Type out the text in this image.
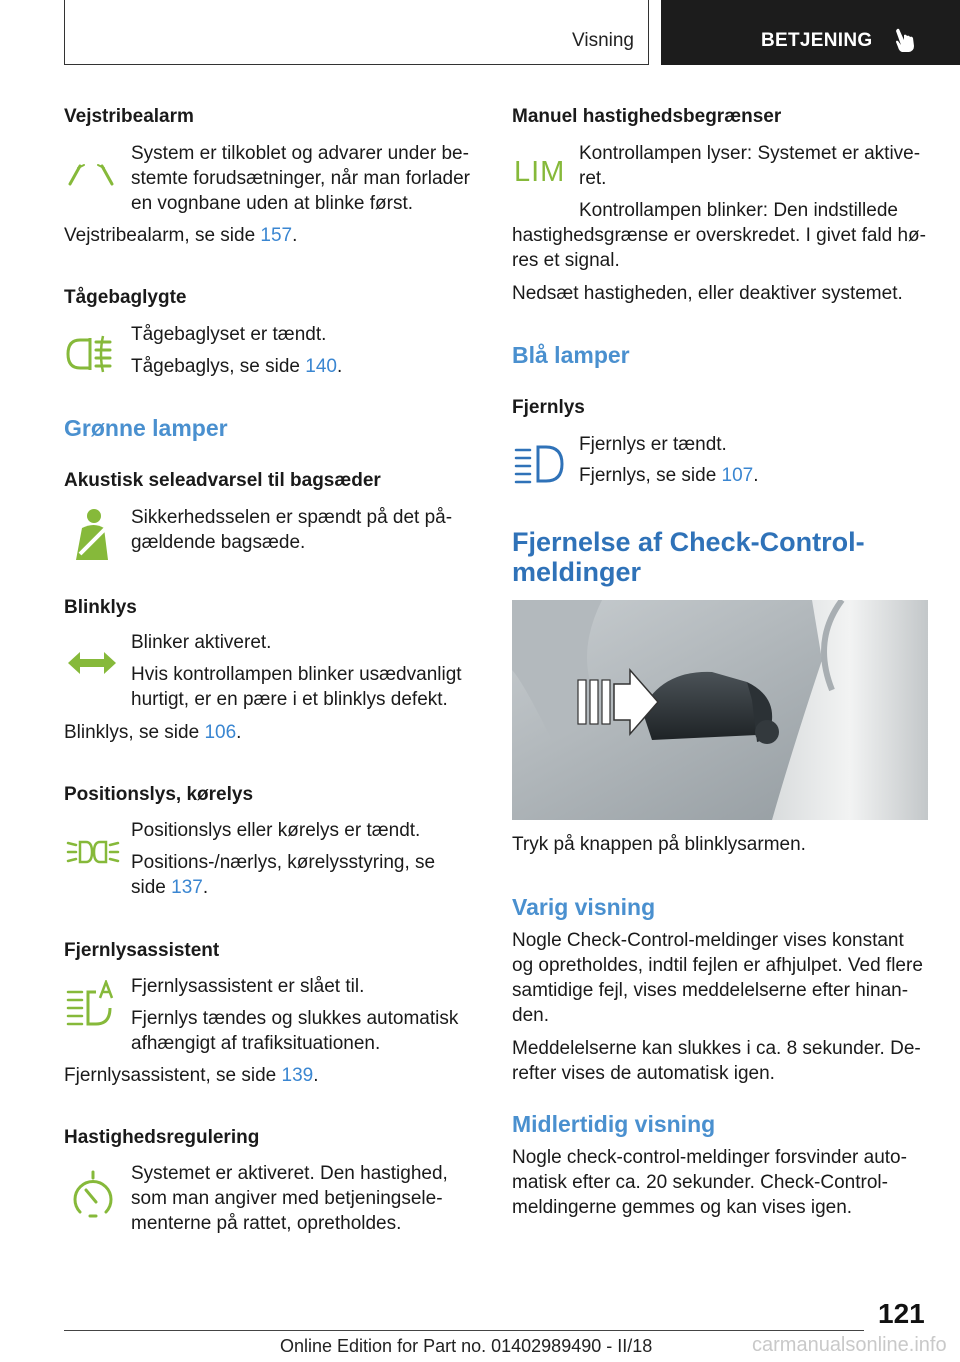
Visning	BETJENING
Vejstribealarm
System er tilkoblet og advarer under be‐
stemte forudsætninger, når man forlader
en vognbane uden at blinke først.
Vejstribealarm, se side 157.
Tågebaglygte
Tågebaglyset er tændt.
Tågebaglys, se side 140.
Grønne lamper
Akustisk seleadvarsel til bagsæder
Sikkerhedsselen er spændt på det på‐
gældende bagsæde.
Blinklys
Blinker aktiveret.
Hvis kontrollampen blinker usædvanligt
hurtigt, er en pære i et blinklys defekt.
Blinklys, se side 106.
Positionslys, kørelys
Positionslys eller kørelys er tændt.
Positions-/nærlys, kørelysstyring, se
side 137.
Fjernlysassistent
Fjernlysassistent er slået til.
Fjernlys tændes og slukkes automatisk
afhængigt af trafiksituationen.
Fjernlysassistent, se side 139.
Hastighedsregulering
Systemet er aktiveret. Den hastighed,
som man angiver med betjeningsele‐
menterne på rattet, opretholdes.
Manuel hastighedsbegrænser
LIM
Kontrollampen lyser: Systemet er aktive‐
ret.
Kontrollampen blinker: Den indstillede
hastighedsgrænse er overskredet. I givet fald hø‐
res et signal.
Nedsæt hastigheden, eller deaktiver systemet.
Blå lamper
Fjernlys
Fjernlys er tændt.
Fjernlys, se side 107.
Fjernelse af Check-Control-
meldinger
Tryk på knappen på blinklysarmen.
Varig visning
Nogle Check-Control-meldinger vises konstant
og opretholdes, indtil fejlen er afhjulpet. Ved flere
samtidige fejl, vises meddelelserne efter hinan‐
den.
Meddelelserne kan slukkes i ca. 8 sekunder. De‐
refter vises de automatisk igen.
Midlertidig visning
Nogle check-control-meldinger forsvinder auto‐
matisk efter ca. 20 sekunder. Check-Control-
meldingerne gemmes og kan vises igen.
121
Online Edition for Part no. 01402989490 - II/18	carmanualsonline.info
